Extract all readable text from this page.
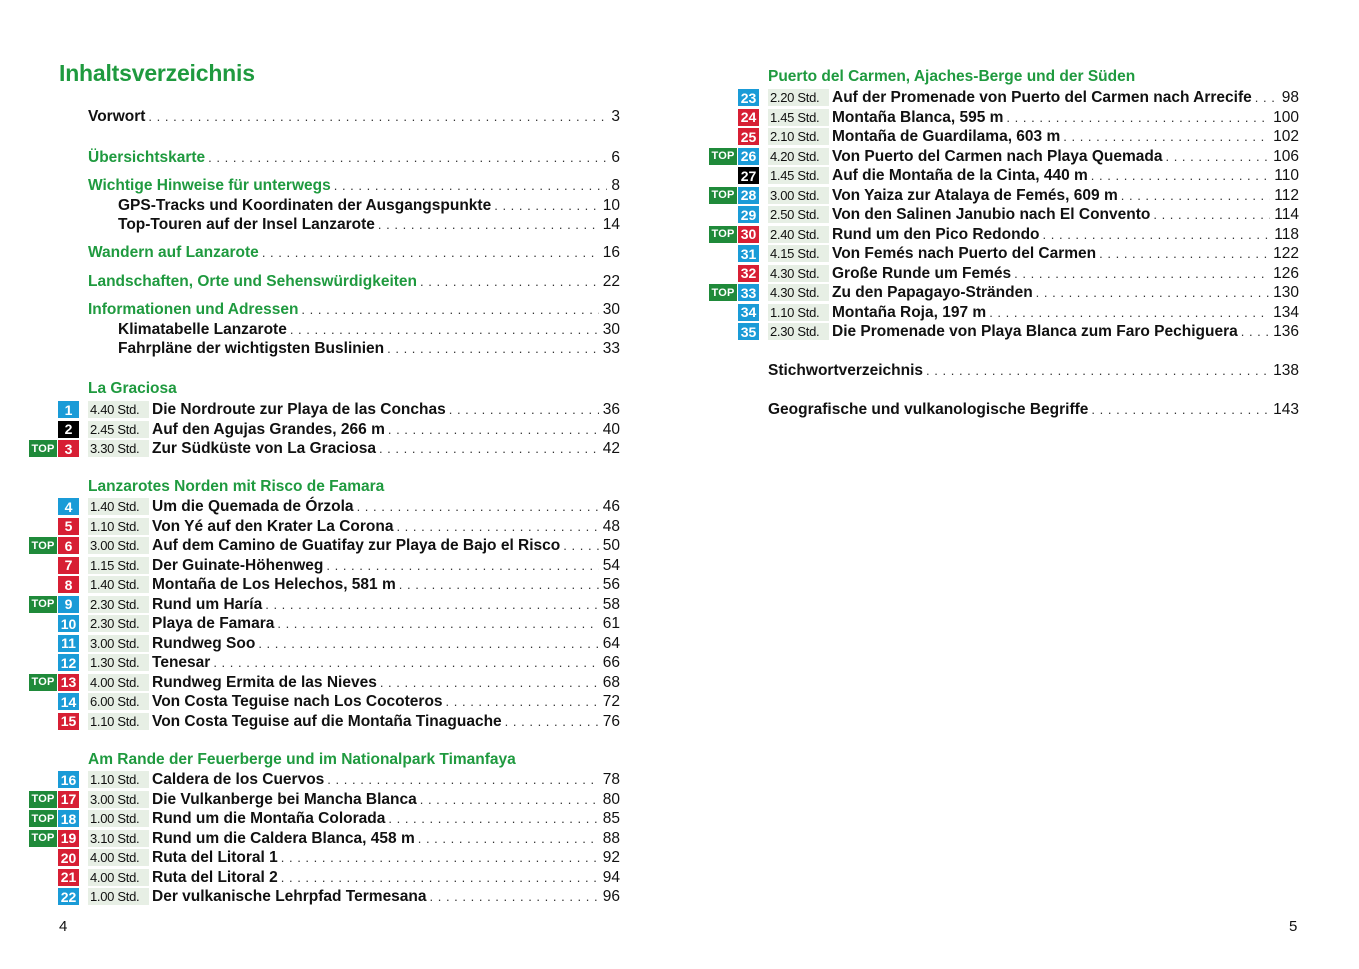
Inhaltsverzeichnis
Vorwort . . .	3
Übersichtskarte . . .	6
Wichtige Hinweise für unterwegs . . .	8
GPS-Tracks und Koordinaten der Ausgangspunkte . . .	10
Top-Touren auf der Insel Lanzarote . . .	14
Wandern auf Lanzarote . . .	16
Landschaften, Orte und Sehenswürdigkeiten . . .	22
Informationen und Adressen . . .	30
Klimatabelle Lanzarote . . .	30
Fahrpläne der wichtigsten Buslinien . . .	33
La Graciosa
1	4.40 Std. Die Nordroute zur Playa de las Conchas . . .	36
2	2.45 Std. Auf den Agujas Grandes, 266 m . . .	40
TOP 3	3.30 Std. Zur Südküste von La Graciosa . . .	42
Lanzarotes Norden mit Risco de Famara
4	1.40 Std. Um die Quemada de Órzola . . .	46
5	1.10 Std. Von Yé auf den Krater La Corona . . .	48
TOP 6	3.00 Std. Auf dem Camino de Guatifay zur Playa de Bajo el Risco . . .	50
7	1.15 Std. Der Guinate-Höhenweg . . .	54
8	1.40 Std. Montaña de Los Helechos, 581 m . . .	56
TOP 9	2.30 Std. Rund um Haría . . .	58
10 2.30 Std. Playa de Famara . . .	61
11 3.00 Std. Rundweg Soo . . .	64
12 1.30 Std. Tenesar . . .	66
TOP 13 4.00 Std. Rundweg Ermita de las Nieves . . .	68
14 6.00 Std. Von Costa Teguise nach Los Cocoteros . . .	72
15 1.10 Std. Von Costa Teguise auf die Montaña Tinaguache . . .	76
Am Rande der Feuerberge und im Nationalpark Timanfaya
16 1.10 Std. Caldera de los Cuervos . . .	78
TOP 17 3.00 Std. Die Vulkanberge bei Mancha Blanca . . .	80
TOP 18 1.00 Std. Rund um die Montaña Colorada . . .	85
TOP 19 3.10 Std. Rund um die Caldera Blanca, 458 m . . .	88
20 4.00 Std. Ruta del Litoral 1 . . .	92
21 4.00 Std. Ruta del Litoral 2 . . .	94
22 1.00 Std. Der vulkanische Lehrpfad Termesana . . .	96
Puerto del Carmen, Ajaches-Berge und der Süden
23 2.20 Std. Auf der Promenade von Puerto del Carmen nach Arrecife . . . 98
24 1.45 Std. Montaña Blanca, 595 m . . .	100
25 2.10 Std. Montaña de Guardilama, 603 m . . .	102
TOP 26 4.20 Std. Von Puerto del Carmen nach Playa Quemada . . .	106
27 1.45 Std. Auf die Montaña de la Cinta, 440 m . . .	110
TOP 28 3.00 Std. Von Yaiza zur Atalaya de Femés, 609 m . . .	112
29 2.50 Std. Von den Salinen Janubio nach El Convento . . .	114
TOP 30 2.40 Std. Rund um den Pico Redondo . . .	118
31 4.15 Std. Von Femés nach Puerto del Carmen . . .	122
32 4.30 Std. Große Runde um Femés . . .	126
TOP 33 4.30 Std. Zu den Papagayo-Stränden . . .	130
34 1.10 Std. Montaña Roja, 197 m . . .	134
35 2.30 Std. Die Promenade von Playa Blanca zum Faro Pechiguera . . . 136
Stichwortverzeichnis . . .	138
Geografische und vulkanologische Begriffe . . .	143
4	5
